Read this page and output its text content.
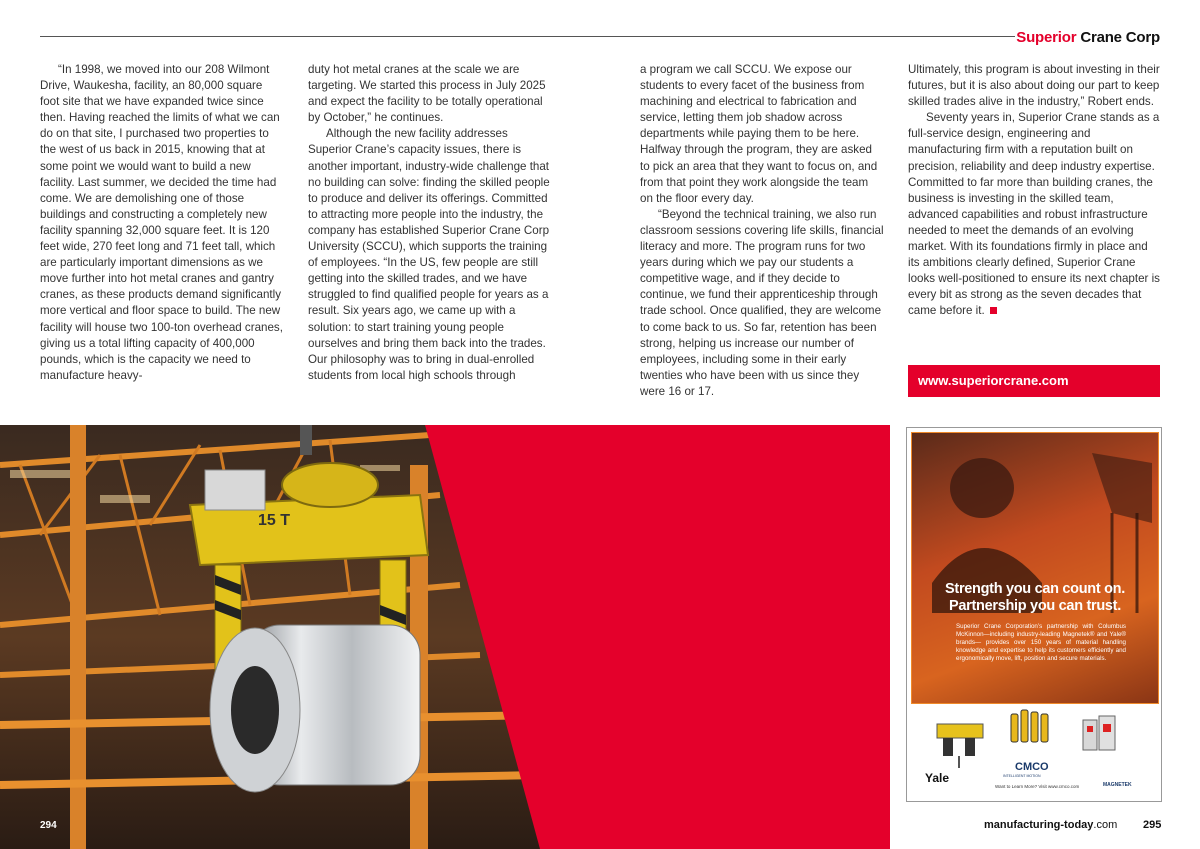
Superior Crane Corp

“In 1998, we moved into our 208 Wilmont Drive, Waukesha, facility, an 80,000 square foot site that we have expanded twice since then. Having reached the limits of what we can do on that site, I purchased two properties to the west of us back in 2015, knowing that at some point we would want to build a new facility. Last summer, we decided the time had come. We are demolishing one of those buildings and constructing a completely new facility spanning 32,000 square feet. It is 120 feet wide, 270 feet long and 71 feet tall, which are particularly important dimensions as we move further into hot metal cranes and gantry cranes, as these products demand significantly more vertical and floor space to build. The new facility will house two 100-ton overhead cranes, giving us a total lifting capacity of 400,000 pounds, which is the capacity we need to manufacture heavy-

duty hot metal cranes at the scale we are targeting. We started this process in July 2025 and expect the facility to be totally operational by October,” he continues.

Although the new facility addresses Superior Crane’s capacity issues, there is another important, industry-wide challenge that no building can solve: finding the skilled people to produce and deliver its offerings. Committed to attracting more people into the industry, the company has established Superior Crane Corp University (SCCU), which supports the training of employees. “In the US, few people are still getting into the skilled trades, and we have struggled to find qualified people for years as a result. Six years ago, we came up with a solution: to start training young people ourselves and bring them back into the trades. Our philosophy was to bring in dual-enrolled students from local high schools through

a program we call SCCU. We expose our students to every facet of the business from machining and electrical to fabrication and service, letting them job shadow across departments while paying them to be here. Halfway through the program, they are asked to pick an area that they want to focus on, and from that point they work alongside the team on the floor every day.

“Beyond the technical training, we also run classroom sessions covering life skills, financial literacy and more. The program runs for two years during which we pay our students a competitive wage, and if they decide to continue, we fund their apprenticeship through trade school. Once qualified, they are welcome to come back to us. So far, retention has been strong, helping us increase our number of employees, including some in their early twenties who have been with us since they were 16 or 17.

Ultimately, this program is about investing in their futures, but it is also about doing our part to keep skilled trades alive in the industry,” Robert ends.

Seventy years in, Superior Crane stands as a full-service design, engineering and manufacturing firm with a reputation built on precision, reliability and deep industry expertise. Committed to far more than building cranes, the business is investing in the skilled team, advanced capabilities and robust infrastructure needed to meet the demands of an evolving market. With its foundations firmly in place and its ambitions clearly defined, Superior Crane looks well-positioned to ensure its next chapter is every bit as strong as the seven decades that came before it.

www.superiorcrane.com
15 T
Strength you can count on.
Partnership you can trust.
Superior Crane Corporation’s partnership with Columbus McKinnon—including industry-leading Magnetek® and Yale® brands— provides over 150 years of material handling knowledge and expertise to help its customers efficiently and ergonomically move, lift, position and secure materials.
Yale
CMCO
INTELLIGENT MOTION
Want to Learn More? Visit www.cmco.com	MAGNETEK
294	manufacturing-today.com 295
